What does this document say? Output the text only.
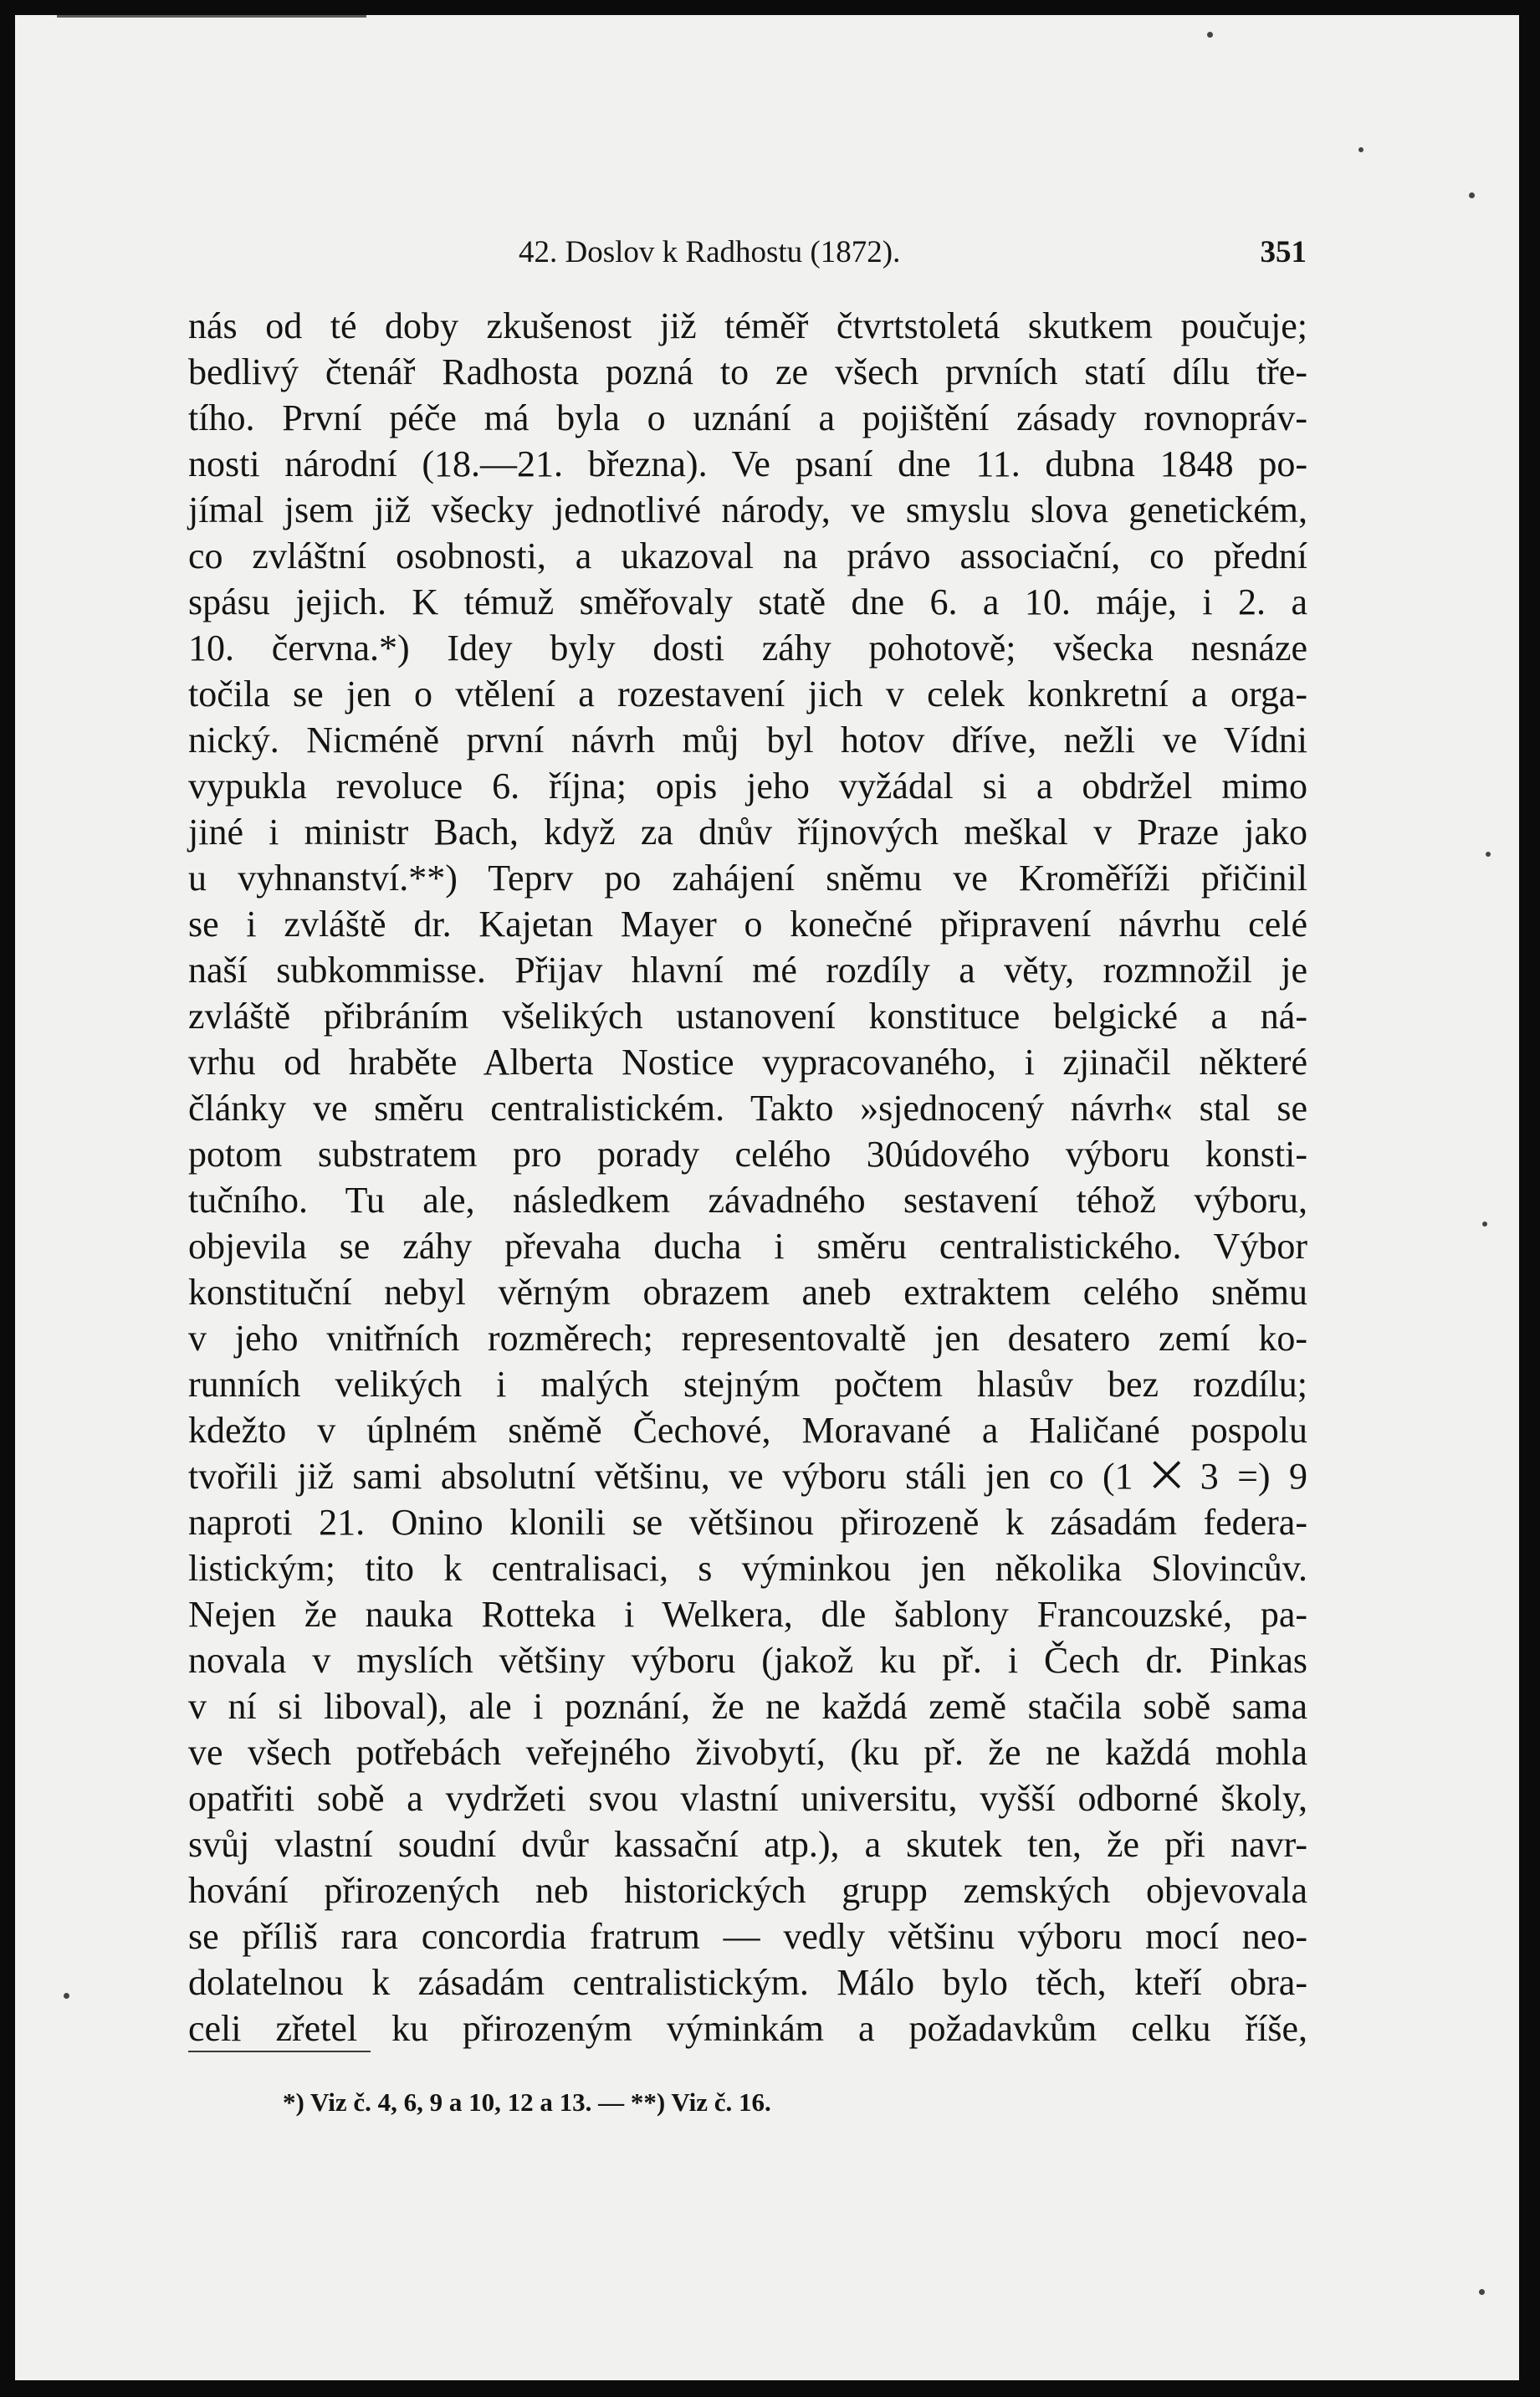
42. Doslov k Radhostu (1872).	351
nás od té doby zkušenost již téměř čtvrtstoletá skutkem poučuje;
bedlivý čtenář Radhosta pozná to ze všech prvních statí dílu tře-
tího. První péče má byla o uznání a pojištění zásady rovnopráv-
nosti národní (18.—21. března). Ve psaní dne 11. dubna 1848 po-
jímal jsem již všecky jednotlivé národy, ve smyslu slova genetickém,
co zvláštní osobnosti, a ukazoval na právo associační, co přední
spásu jejich. K témuž směřovaly statě dne 6. a 10. máje, i 2. a
10. června.*) Idey byly dosti záhy pohotově; všecka nesnáze
točila se jen o vtělení a rozestavení jich v celek konkretní a orga-
nický. Nicméně první návrh můj byl hotov dříve, nežli ve Vídni
vypukla revoluce 6. října; opis jeho vyžádal si a obdržel mimo
jiné i ministr Bach, když za dnův říjnových meškal v Praze jako
u vyhnanství.**) Teprv po zahájení sněmu ve Kroměříži přičinil
se i zvláště dr. Kajetan Mayer o konečné připravení návrhu celé
naší subkommisse. Přijav hlavní mé rozdíly a věty, rozmnožil je
zvláště přibráním všelikých ustanovení konstituce belgické a ná-
vrhu od hraběte Alberta Nostice vypracovaného, i zjinačil některé
články ve směru centralistickém. Takto »sjednocený návrh« stal se
potom substratem pro porady celého 30údového výboru konsti-
tučního. Tu ale, následkem závadného sestavení téhož výboru,
objevila se záhy převaha ducha i směru centralistického. Výbor
konstituční nebyl věrným obrazem aneb extraktem celého sněmu
v jeho vnitřních rozměrech; representovaltě jen desatero zemí ko-
runních velikých i malých stejným počtem hlasův bez rozdílu;
kdežto v úplném sněmě Čechové, Moravané a Haličané pospolu
tvořili již sami absolutní většinu, ve výboru stáli jen co (1 ⨉ 3 =) 9
naproti 21. Onino klonili se většinou přirozeně k zásadám federa-
listickým; tito k centralisaci, s výminkou jen několika Slovincův.
Nejen že nauka Rotteka i Welkera, dle šablony Francouzské, pa-
novala v myslích většiny výboru (jakož ku př. i Čech dr. Pinkas
v ní si liboval), ale i poznání, že ne každá země stačila sobě sama
ve všech potřebách veřejného živobytí, (ku př. že ne každá mohla
opatřiti sobě a vydržeti svou vlastní universitu, vyšší odborné školy,
svůj vlastní soudní dvůr kassační atp.), a skutek ten, že při navr-
hování přirozených neb historických grupp zemských objevovala
se příliš rara concordia fratrum — vedly většinu výboru mocí neo-
dolatelnou k zásadám centralistickým. Málo bylo těch, kteří obra-
celi zřetel ku přirozeným výminkám a požadavkům celku říše,
*) Viz č. 4, 6, 9 a 10, 12 a 13. — **) Viz č. 16.
